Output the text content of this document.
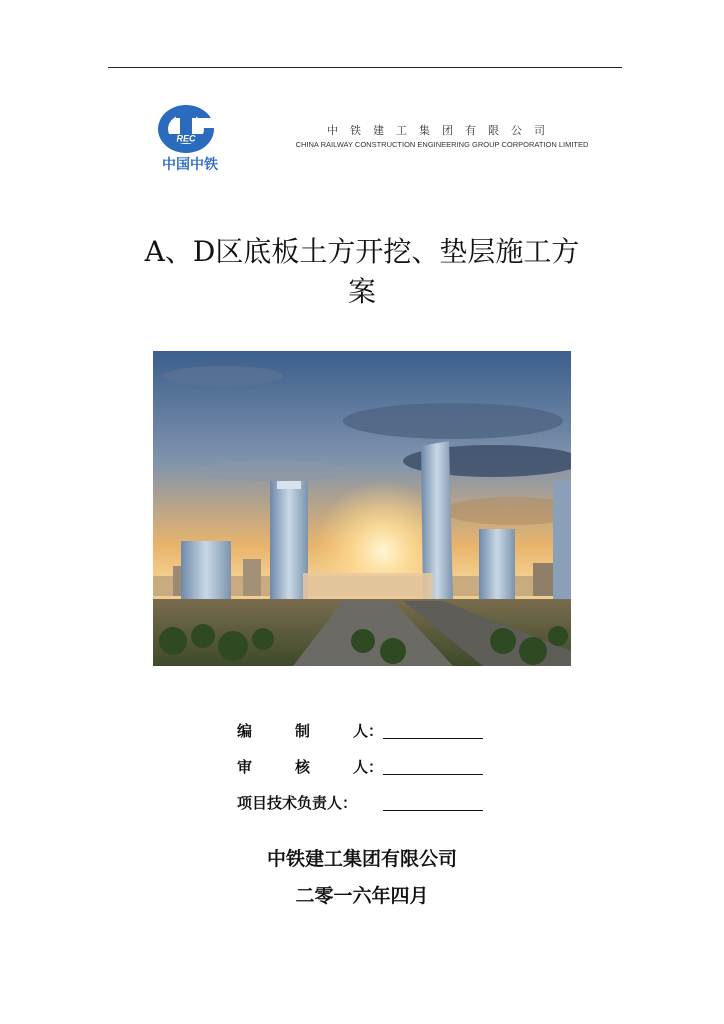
REC
中国中铁
中铁建工集团有限公司
CHINA RAILWAY CONSTRUCTION ENGINEERING GROUP CORPORATION LIMITED
A、D区底板土方开挖、垫层施工方
案
编	制	人：
审	核	人：
项目技术负责人：
中铁建工集团有限公司
二零一六年四月
